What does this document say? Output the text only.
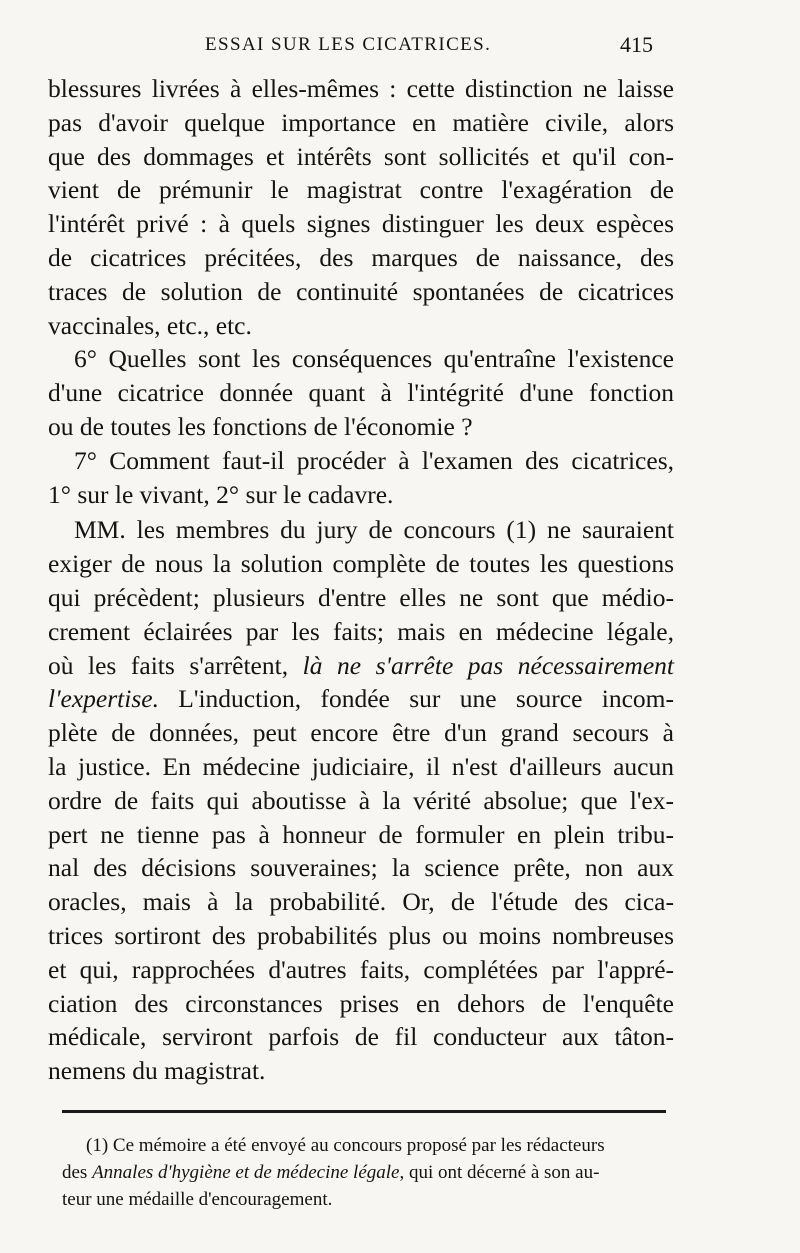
ESSAI SUR LES CICATRICES.	415
blessures livrées à elles-mêmes : cette distinction ne laisse
pas d'avoir quelque importance en matière civile, alors
que des dommages et intérêts sont sollicités et qu'il con-
vient de prémunir le magistrat contre l'exagération de
l'intérêt privé : à quels signes distinguer les deux espèces
de cicatrices précitées, des marques de naissance, des
traces de solution de continuité spontanées de cicatrices
vaccinales, etc., etc.
6° Quelles sont les conséquences qu'entraîne l'existence
d'une cicatrice donnée quant à l'intégrité d'une fonction
ou de toutes les fonctions de l'économie ?
7° Comment faut-il procéder à l'examen des cicatrices,
1° sur le vivant, 2° sur le cadavre.
MM. les membres du jury de concours (1) ne sauraient
exiger de nous la solution complète de toutes les questions
qui précèdent; plusieurs d'entre elles ne sont que médio-
crement éclairées par les faits; mais en médecine légale,
où les faits s'arrêtent, là ne s'arrête pas nécessairement
l'expertise. L'induction, fondée sur une source incom-
plète de données, peut encore être d'un grand secours à
la justice. En médecine judiciaire, il n'est d'ailleurs aucun
ordre de faits qui aboutisse à la vérité absolue; que l'ex-
pert ne tienne pas à honneur de formuler en plein tribu-
nal des décisions souveraines; la science prête, non aux
oracles, mais à la probabilité. Or, de l'étude des cica-
trices sortiront des probabilités plus ou moins nombreuses
et qui, rapprochées d'autres faits, complétées par l'appré-
ciation des circonstances prises en dehors de l'enquête
médicale, serviront parfois de fil conducteur aux tâton-
nemens du magistrat.
(1) Ce mémoire a été envoyé au concours proposé par les rédacteurs
des Annales d'hygiène et de médecine légale, qui ont décerné à son au-
teur une médaille d'encouragement.
